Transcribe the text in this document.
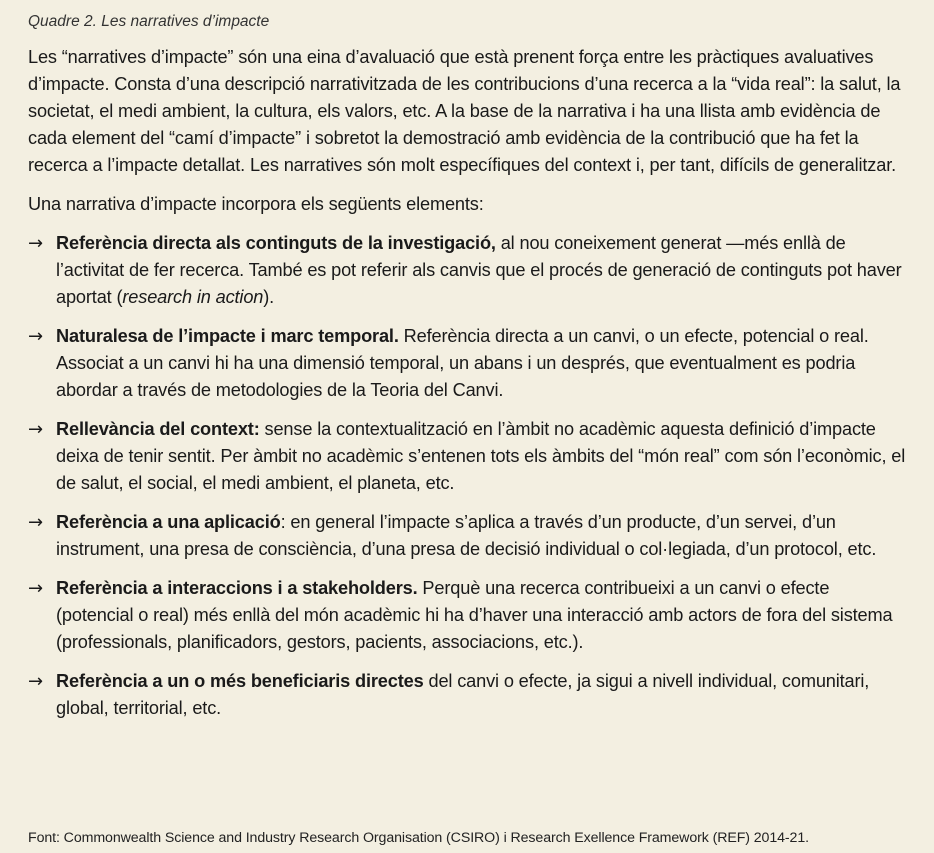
Quadre 2. Les narratives d’impacte

Les “narratives d’impacte” són una eina d’avaluació que està prenent força entre les pràctiques avaluatives d’impacte. Consta d’una descripció narrativitzada de les contribucions d’una recerca a la “vida real”: la salut, la societat, el medi ambient, la cultura, els valors, etc. A la base de la narrativa i ha una llista amb evidència de cada element del “camí d’impacte” i sobretot la demostració amb evidència de la contribució que ha fet la recerca a l’impacte detallat. Les narratives són molt específiques del context i, per tant, difícils de generalitzar.

Una narrativa d’impacte incorpora els següents elements:

→ Referència directa als continguts de la investigació, al nou coneixement generat —més enllà de l’activitat de fer recerca. També es pot referir als canvis que el procés de generació de continguts pot haver aportat (research in action).
→ Naturalesa de l’impacte i marc temporal. Referència directa a un canvi, o un efecte, potencial o real. Associat a un canvi hi ha una dimensió temporal, un abans i un després, que eventualment es podria abordar a través de metodologies de la Teoria del Canvi.
→ Rellevància del context: sense la contextualització en l’àmbit no acadèmic aquesta definició d’impacte deixa de tenir sentit. Per àmbit no acadèmic s’entenen tots els àmbits del “món real” com són l’econòmic, el de salut, el social, el medi ambient, el planeta, etc.
→ Referència a una aplicació: en general l’impacte s’aplica a través d’un producte, d’un servei, d’un instrument, una presa de consciència, d’una presa de decisió individual o col·legiada, d’un protocol, etc.
→ Referència a interaccions i a stakeholders. Perquè una recerca contribueixi a un canvi o efecte (potencial o real) més enllà del món acadèmic hi ha d’haver una interacció amb actors de fora del sistema (professionals, planificadors, gestors, pacients, associacions, etc.).
→ Referència a un o més beneficiaris directes del canvi o efecte, ja sigui a nivell individual, comunitari, global, territorial, etc.

Font: Commonwealth Science and Industry Research Organisation (CSIRO) i Research Exellence Framework (REF) 2014-21.
